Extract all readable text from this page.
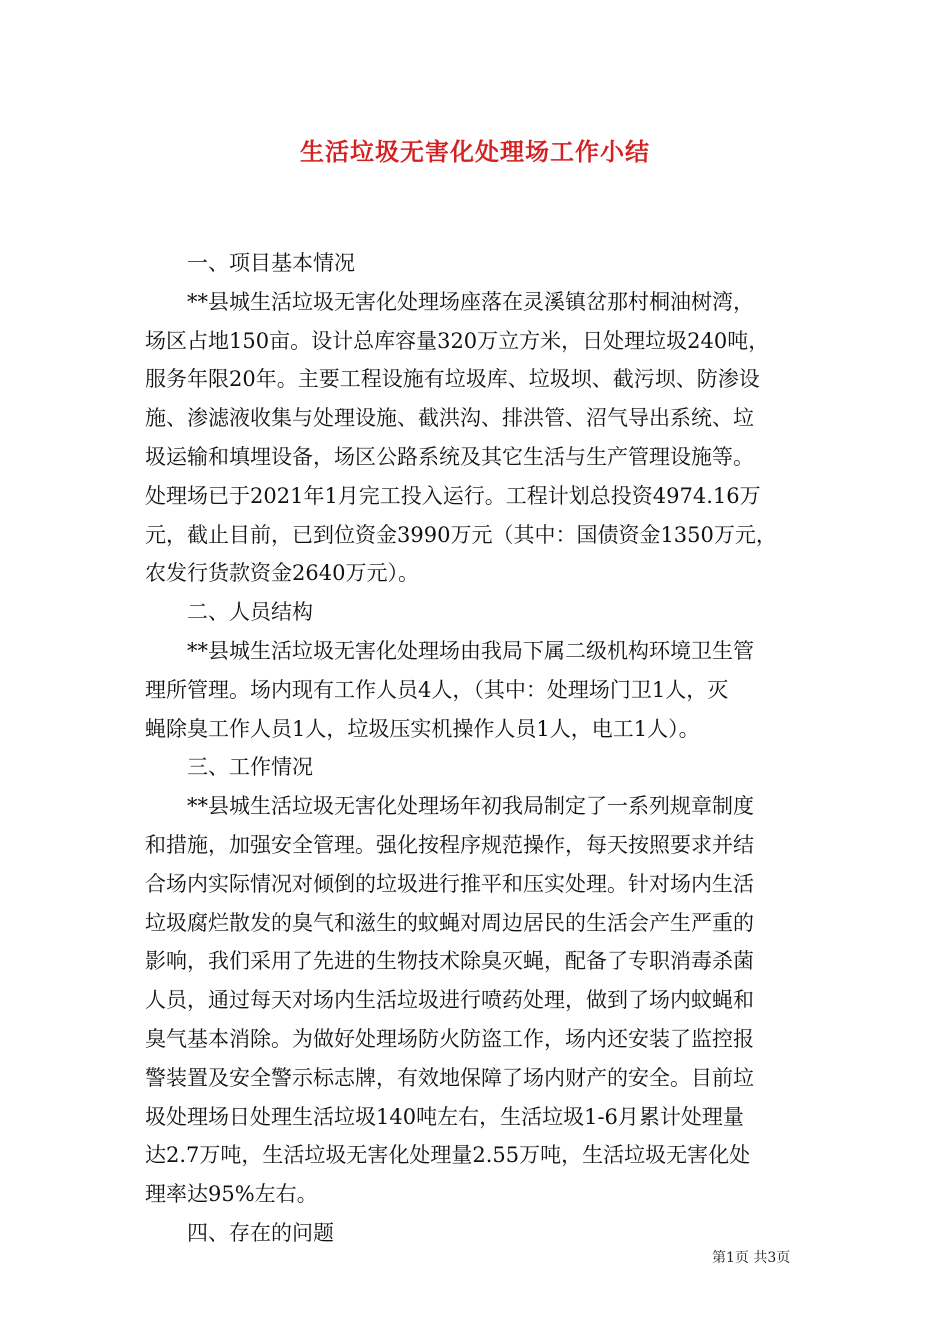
生活垃圾无害化处理场工作小结

一、项目基本情况

**县城生活垃圾无害化处理场座落在灵溪镇岔那村桐油树湾，

场区占地150亩。设计总库容量320万立方米，日处理垃圾240吨，

服务年限20年。主要工程设施有垃圾库、垃圾坝、截污坝、防渗设

施、渗滤液收集与处理设施、截洪沟、排洪管、沼气导出系统、垃

圾运输和填埋设备，场区公路系统及其它生活与生产管理设施等。

处理场已于2021年1月完工投入运行。工程计划总投资4974.16万

元，截止目前，已到位资金3990万元（其中：国债资金1350万元，

农发行货款资金2640万元）。

二、人员结构

**县城生活垃圾无害化处理场由我局下属二级机构环境卫生管

理所管理。场内现有工作人员4人，（其中：处理场门卫1人，灭

蝇除臭工作人员1人，垃圾压实机操作人员1人，电工1人）。

三、工作情况

**县城生活垃圾无害化处理场年初我局制定了一系列规章制度

和措施，加强安全管理。强化按程序规范操作，每天按照要求并结

合场内实际情况对倾倒的垃圾进行推平和压实处理。针对场内生活

垃圾腐烂散发的臭气和滋生的蚊蝇对周边居民的生活会产生严重的

影响，我们采用了先进的生物技术除臭灭蝇，配备了专职消毒杀菌

人员，通过每天对场内生活垃圾进行喷药处理，做到了场内蚊蝇和

臭气基本消除。为做好处理场防火防盗工作，场内还安装了监控报

警装置及安全警示标志牌，有效地保障了场内财产的安全。目前垃

圾处理场日处理生活垃圾140吨左右，生活垃圾1-6月累计处理量

达2.7万吨，生活垃圾无害化处理量2.55万吨，生活垃圾无害化处

理率达95%左右。

四、存在的问题

第1页 共3页
